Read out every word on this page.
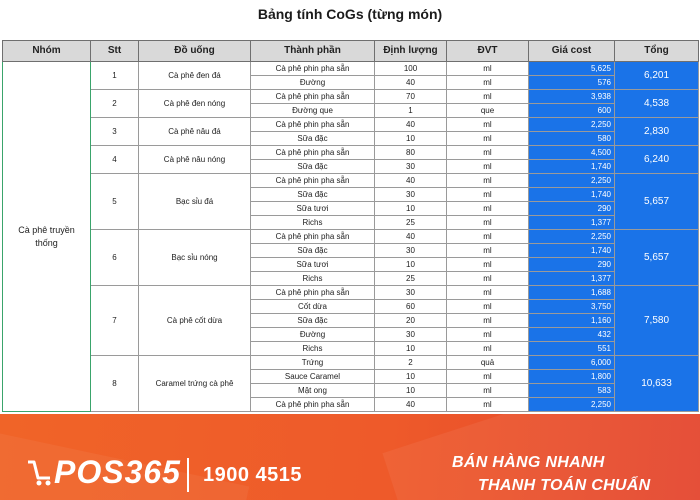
Bảng tính CoGs (từng món)
Nhóm	Stt	Đồ uống	Thành phần	Định lượng	ĐVT	Giá cost	Tổng
Cà phê truyền thống	1	Cà phê đen đá	Cà phê phin pha sẵn	100	ml	5,625	6,201
			Đường	40	ml	576	
	2	Cà phê đen nóng	Cà phê phin pha sẵn	70	ml	3,938	4,538
			Đường que	1	que	600	
	3	Cà phê nâu đá	Cà phê phin pha sẵn	40	ml	2,250	2,830
			Sữa đặc	10	ml	580	
	4	Cà phê nâu nóng	Cà phê phin pha sẵn	80	ml	4,500	6,240
			Sữa đặc	30	ml	1,740	
	5	Bạc sỉu đá	Cà phê phin pha sẵn	40	ml	2,250	5,657
			Sữa đặc	30	ml	1,740	
			Sữa tươi	10	ml	290	
			Richs	25	ml	1,377	
	6	Bạc sỉu nóng	Cà phê phin pha sẵn	40	ml	2,250	5,657
			Sữa đặc	30	ml	1,740	
			Sữa tươi	10	ml	290	
			Richs	25	ml	1,377	
	7	Cà phê cốt dừa	Cà phê phin pha sẵn	30	ml	1,688	7,580
			Cốt dừa	60	ml	3,750	
			Sữa đặc	20	ml	1,160	
			Đường	30	ml	432	
			Richs	10	ml	551	
	8	Caramel trứng cà phê	Trứng	2	quả	6,000	10,633
			Sauce Caramel	10	ml	1,800	
			Mật ong	10	ml	583	
			Cà phê phin pha sẵn	40	ml	2,250	
POS365 1900 4515
BÁN HÀNG NHANH
THANH TOÁN CHUẨN
